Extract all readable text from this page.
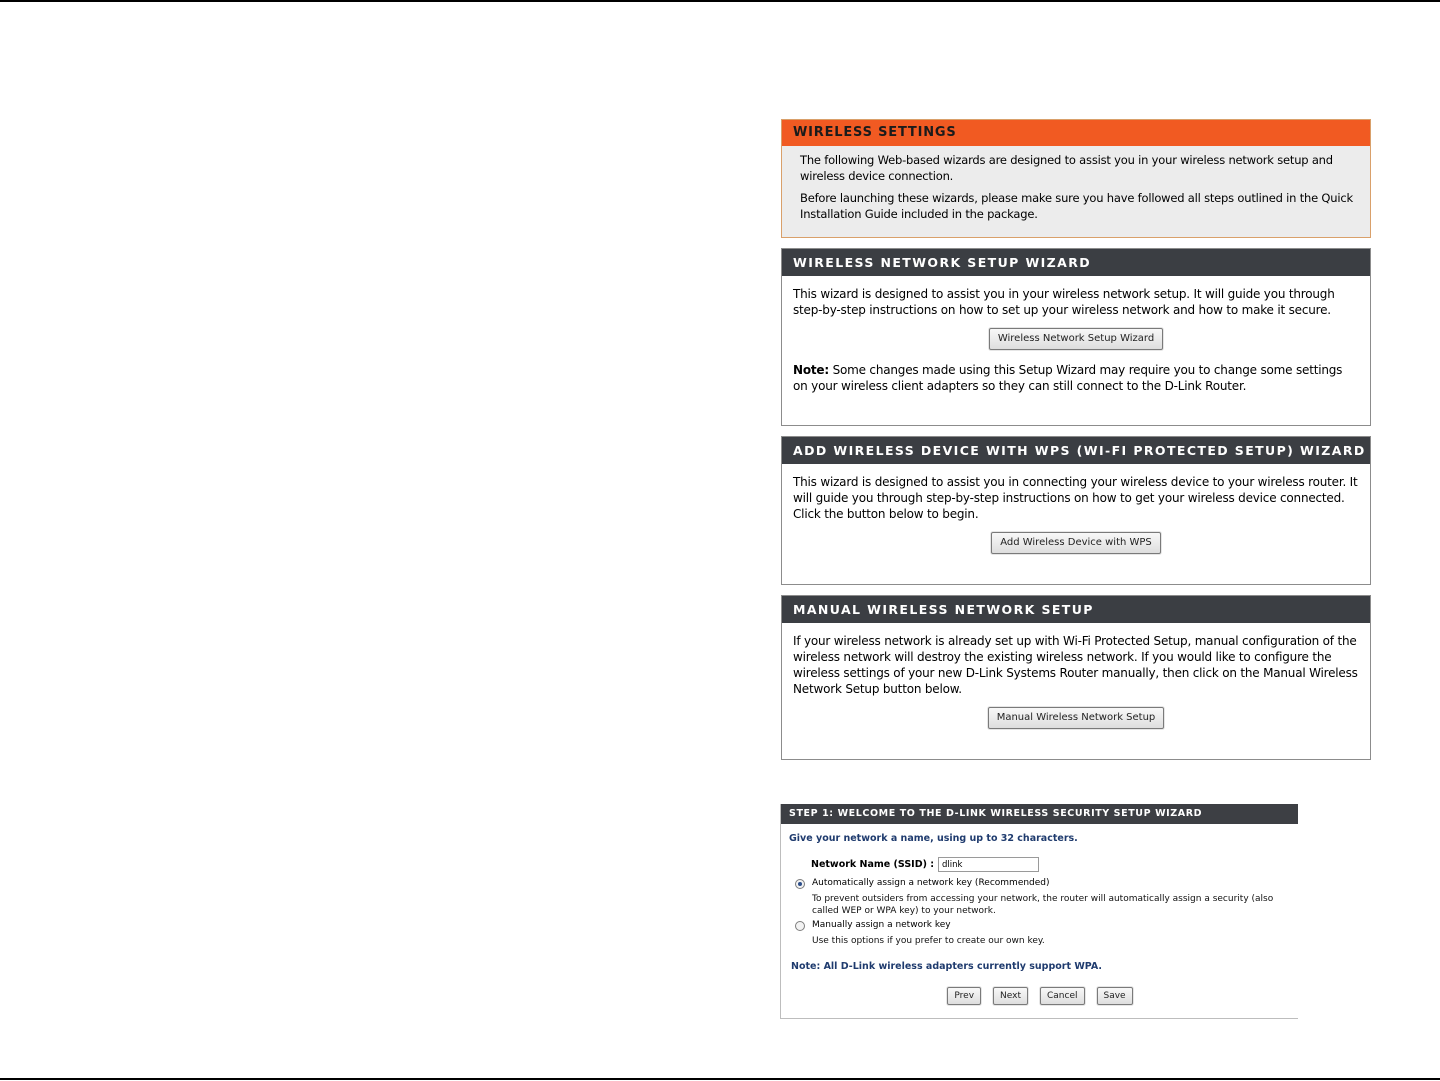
WIRELESS SETTINGS

The following Web-based wizards are designed to assist you in your wireless network setup and wireless device connection.

Before launching these wizards, please make sure you have followed all steps outlined in the Quick Installation Guide included in the package.

WIRELESS NETWORK SETUP WIZARD

This wizard is designed to assist you in your wireless network setup. It will guide you through step-by-step instructions on how to set up your wireless network and how to make it secure.

Wireless Network Setup Wizard

Note: Some changes made using this Setup Wizard may require you to change some settings on your wireless client adapters so they can still connect to the D-Link Router.

ADD WIRELESS DEVICE WITH WPS (WI-FI PROTECTED SETUP) WIZARD

This wizard is designed to assist you in connecting your wireless device to your wireless router. It will guide you through step-by-step instructions on how to get your wireless device connected. Click the button below to begin.

Add Wireless Device with WPS
MANUAL WIRELESS NETWORK SETUP

If your wireless network is already set up with Wi-Fi Protected Setup, manual configuration of the wireless network will destroy the existing wireless network. If you would like to configure the wireless settings of your new D-Link Systems Router manually, then click on the Manual Wireless Network Setup button below.

Manual Wireless Network Setup
STEP 1: WELCOME TO THE D-LINK WIRELESS SECURITY SETUP WIZARD
Give your network a name, using up to 32 characters.
Network Name (SSID) :
dlink
Automatically assign a network key (Recommended)
To prevent outsiders from accessing your network, the router will automatically assign a security (also called WEP or WPA key) to your network.
Manually assign a network key
Use this options if you prefer to create our own key.
Note: All D-Link wireless adapters currently support WPA.
Prev	Next	Cancel	Save
